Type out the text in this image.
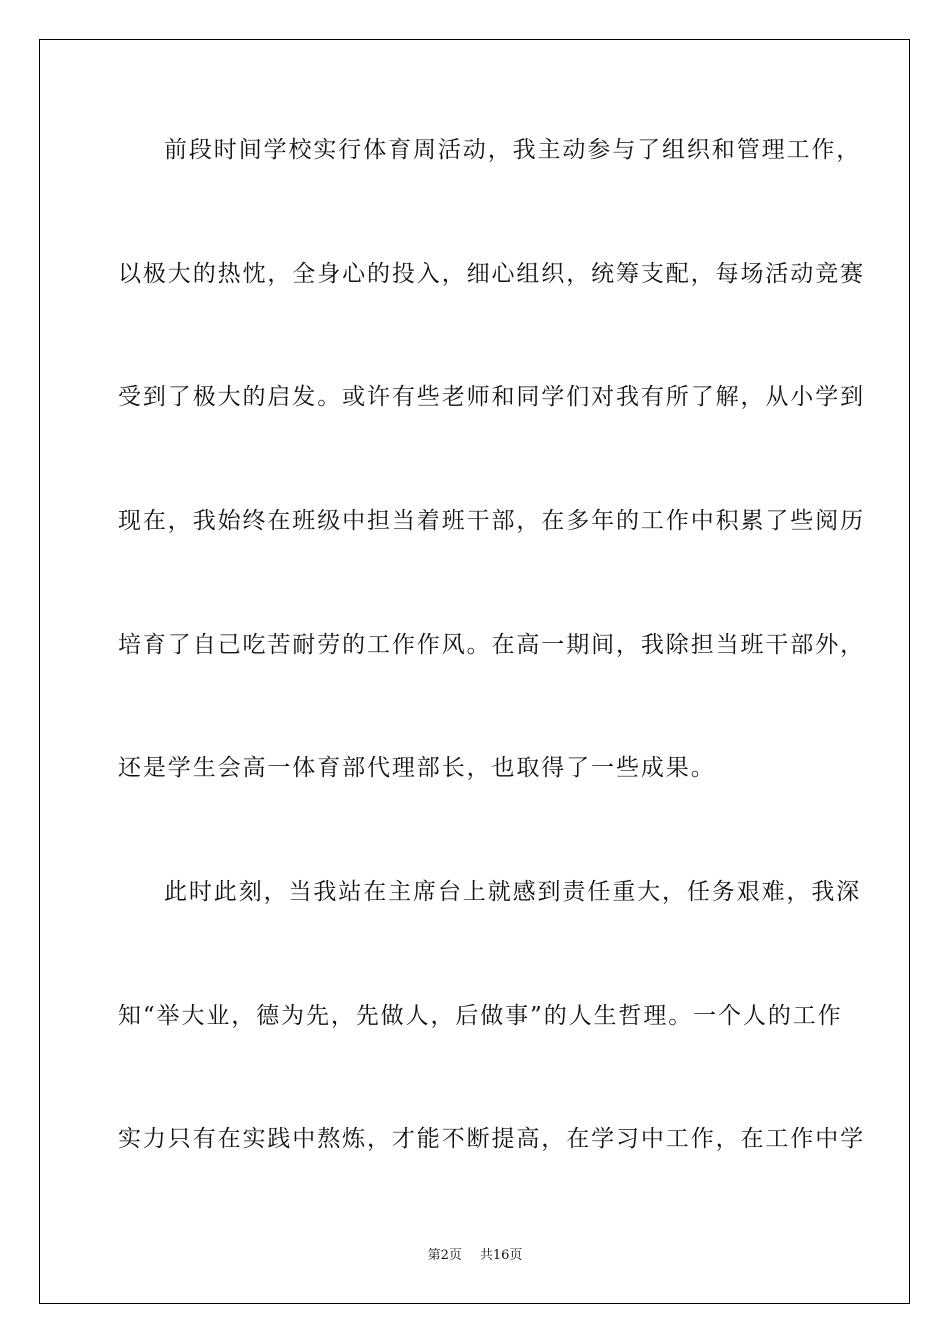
前段时间学校实行体育周活动，我主动参与了组织和管理工作，
以极大的热忱，全身心的投入，细心组织，统筹支配，每场活动竞赛
受到了极大的启发。或许有些老师和同学们对我有所了解，从小学到
现在，我始终在班级中担当着班干部，在多年的工作中积累了些阅历
培育了自己吃苦耐劳的工作作风。在高一期间，我除担当班干部外，
还是学生会高一体育部代理部长，也取得了一些成果。
此时此刻，当我站在主席台上就感到责任重大，任务艰难，我深
知“举大业，德为先，先做人，后做事”的人生哲理。一个人的工作
实力只有在实践中熬炼，才能不断提高，在学习中工作，在工作中学
第2页 共16页
